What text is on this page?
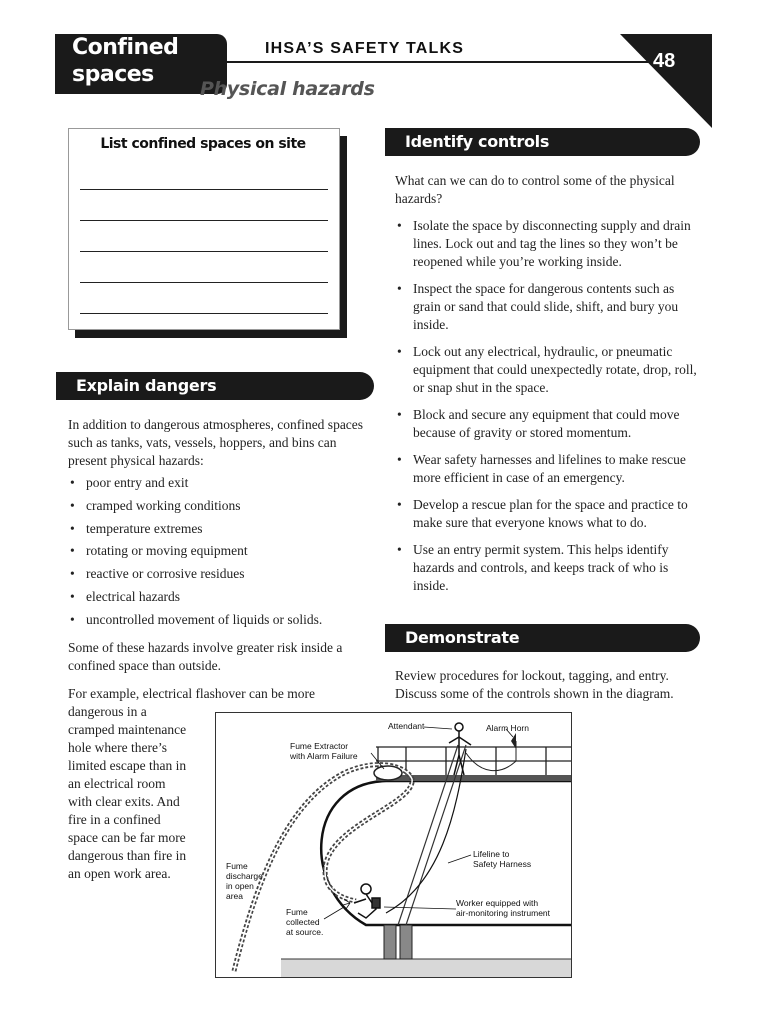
Confined
spaces
IHSA’S SAFETY TALKS
48
Physical hazards
List confined spaces on site
Explain dangers
In addition to dangerous atmospheres, confined spaces such as tanks, vats, vessels, hoppers, and bins can present physical hazards:
• poor entry and exit
• cramped working conditions
• temperature extremes
• rotating or moving equipment
• reactive or corrosive residues
• electrical hazards
• uncontrolled movement of liquids or solids.
Some of these hazards involve greater risk inside a confined space than outside.
For example, electrical flashover can be more
dangerous in a
cramped maintenance
hole where there’s
limited escape than in
an electrical room
with clear exits. And
fire in a confined
space can be far more
dangerous than fire in
an open work area.
Identify controls
What can we can do to control some of the physical hazards?
• Isolate the space by disconnecting supply and drain lines. Lock out and tag the lines so they won’t be reopened while you’re working inside.
• Inspect the space for dangerous contents such as grain or sand that could slide, shift, and bury you inside.
• Lock out any electrical, hydraulic, or pneumatic equipment that could unexpectedly rotate, drop, roll, or snap shut in the space.
• Block and secure any equipment that could move because of gravity or stored momentum.
• Wear safety harnesses and lifelines to make rescue more efficient in case of an emergency.
• Develop a rescue plan for the space and practice to make sure that everyone knows what to do.
• Use an entry permit system. This helps identify hazards and controls, and keeps track of who is inside.
Demonstrate
Review procedures for lockout, tagging, and entry. Discuss some of the controls shown in the diagram.
Attendant	Alarm Horn
Fume Extractor
with Alarm Failure
Fume
discharge
in open
area
Fume
collected
at source.
Lifeline to
Safety Harness
Worker equipped with
air-monitoring instrument
